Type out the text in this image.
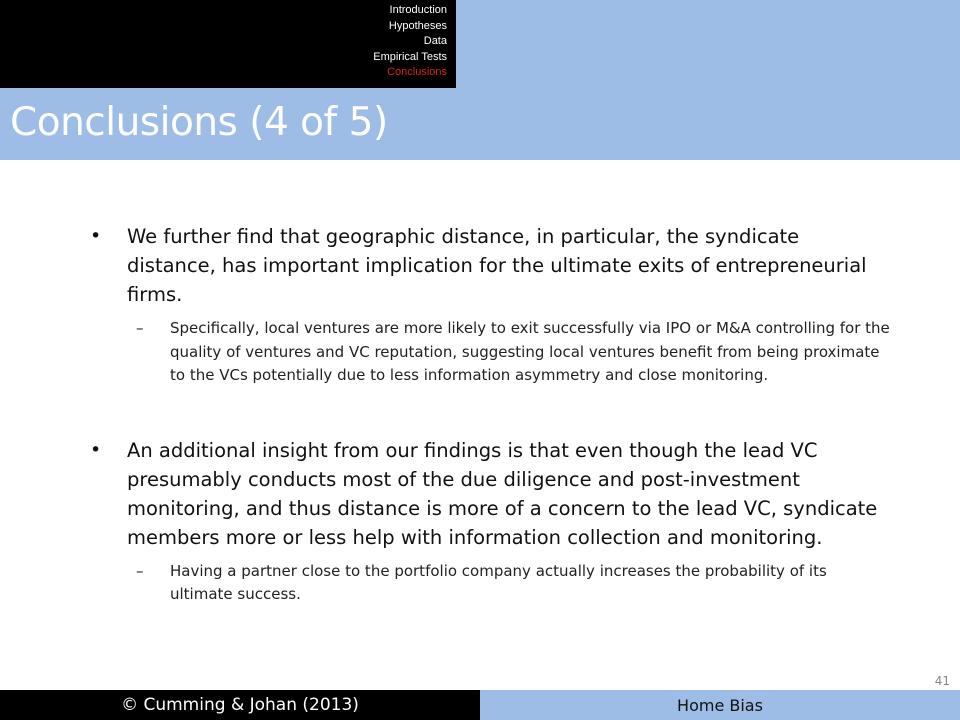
Introduction
Hypotheses
Data
Empirical Tests
Conclusions
Conclusions (4 of 5)
• We further find that geographic distance, in particular, the syndicate distance, has important implication for the ultimate exits of entrepreneurial firms.
– Specifically, local ventures are more likely to exit successfully via IPO or M&A controlling for the quality of ventures and VC reputation, suggesting local ventures benefit from being proximate to the VCs potentially due to less information asymmetry and close monitoring.
• An additional insight from our findings is that even though the lead VC presumably conducts most of the due diligence and post-investment monitoring, and thus distance is more of a concern to the lead VC, syndicate members more or less help with information collection and monitoring.
– Having a partner close to the portfolio company actually increases the probability of its ultimate success.
41
© Cumming & Johan (2013)	Home Bias
